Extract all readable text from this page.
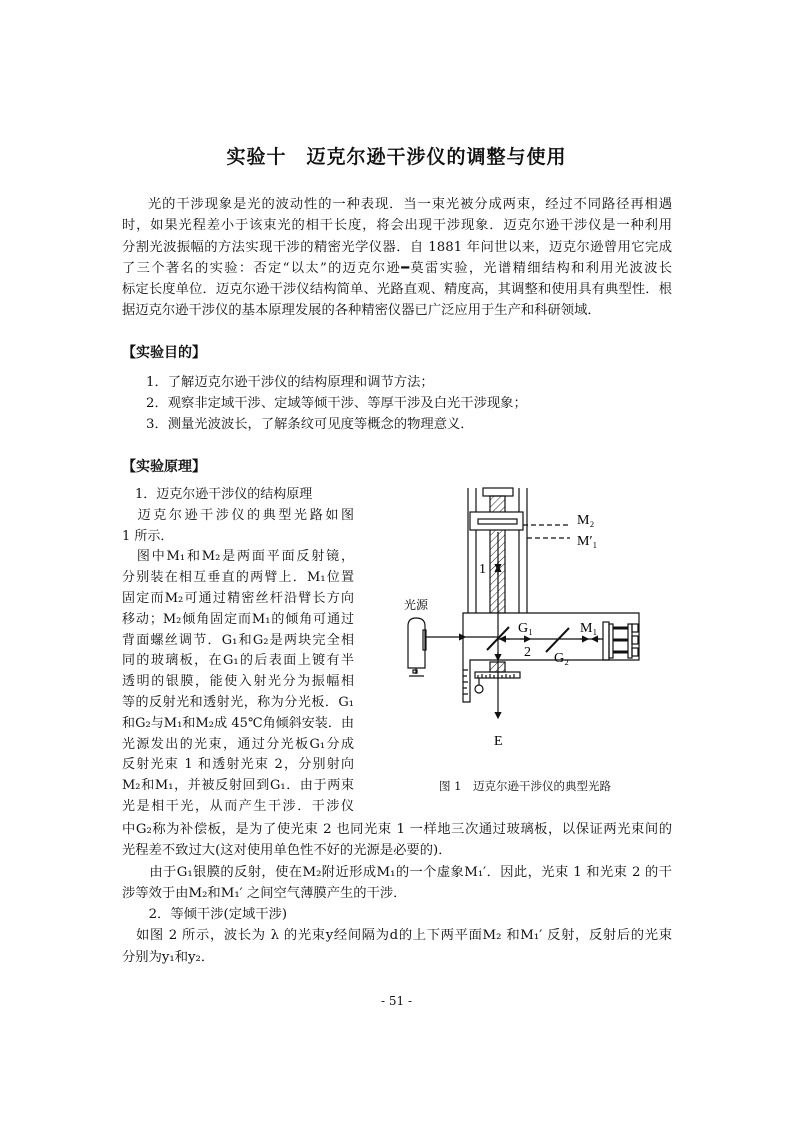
实验十　迈克尔逊干涉仪的调整与使用
光的干涉现象是光的波动性的一种表现．当一束光被分成两束，经过不同路径再相遇
时，如果光程差小于该束光的相干长度，将会出现干涉现象．迈克尔逊干涉仪是一种利用
分割光波振幅的方法实现干涉的精密光学仪器．自 1881 年问世以来，迈克尔逊曾用它完成
了三个著名的实验：否定“以太”的迈克尔逊━莫雷实验，光谱精细结构和利用光波波长
标定长度单位．迈克尔逊干涉仪结构简单、光路直观、精度高，其调整和使用具有典型性．根
据迈克尔逊干涉仪的基本原理发展的各种精密仪器已广泛应用于生产和科研领域．
【实验目的】
1．了解迈克尔逊干涉仪的结构原理和调节方法；
2．观察非定域干涉、定域等倾干涉、等厚干涉及白光干涉现象；
3．测量光波波长，了解条纹可见度等概念的物理意义．
【实验原理】
　1．迈克尔逊干涉仪的结构原理
　迈克尔逊干涉仪的典型光路如图
1 所示．
　图中M₁和M₂是两面平面反射镜，
分别装在相互垂直的两臂上．M₁位置
固定而M₂可通过精密丝杆沿臂长方向
移动；M₂倾角固定而M₁的倾角可通过
背面螺丝调节．G₁和G₂是两块完全相
同的玻璃板，在G₁的后表面上镀有半
透明的银膜，能使入射光分为振幅相
等的反射光和透射光，称为分光板．G₁
和G₂与M₁和M₂成 45℃角倾斜安装．由
光源发出的光束，通过分光板G₁分成
反射光束 1 和透射光束 2，分别射向
M₂和M₁，并被反射回到G₁．由于两束
光是相干光，从而产生干涉．干涉仪
M₂
M′₁
1
光源
G₁
2 G₂
M₁
E
图 1　迈克尔逊干涉仪的典型光路
中G₂称为补偿板，是为了使光束 2 也同光束 1 一样地三次通过玻璃板，以保证两光束间的
光程差不致过大(这对使用单色性不好的光源是必要的)．
　　由于G₁银膜的反射，使在M₂附近形成M₁的一个虚象M₁′．因此，光束 1 和光束 2 的干
涉等效于由M₂和M₁′ 之间空气薄膜产生的干涉．
　　2．等倾干涉(定域干涉)
　如图 2 所示，波长为 λ 的光束y经间隔为d的上下两平面M₂ 和M₁′ 反射，反射后的光束
分别为y₁和y₂．
- 51 -
